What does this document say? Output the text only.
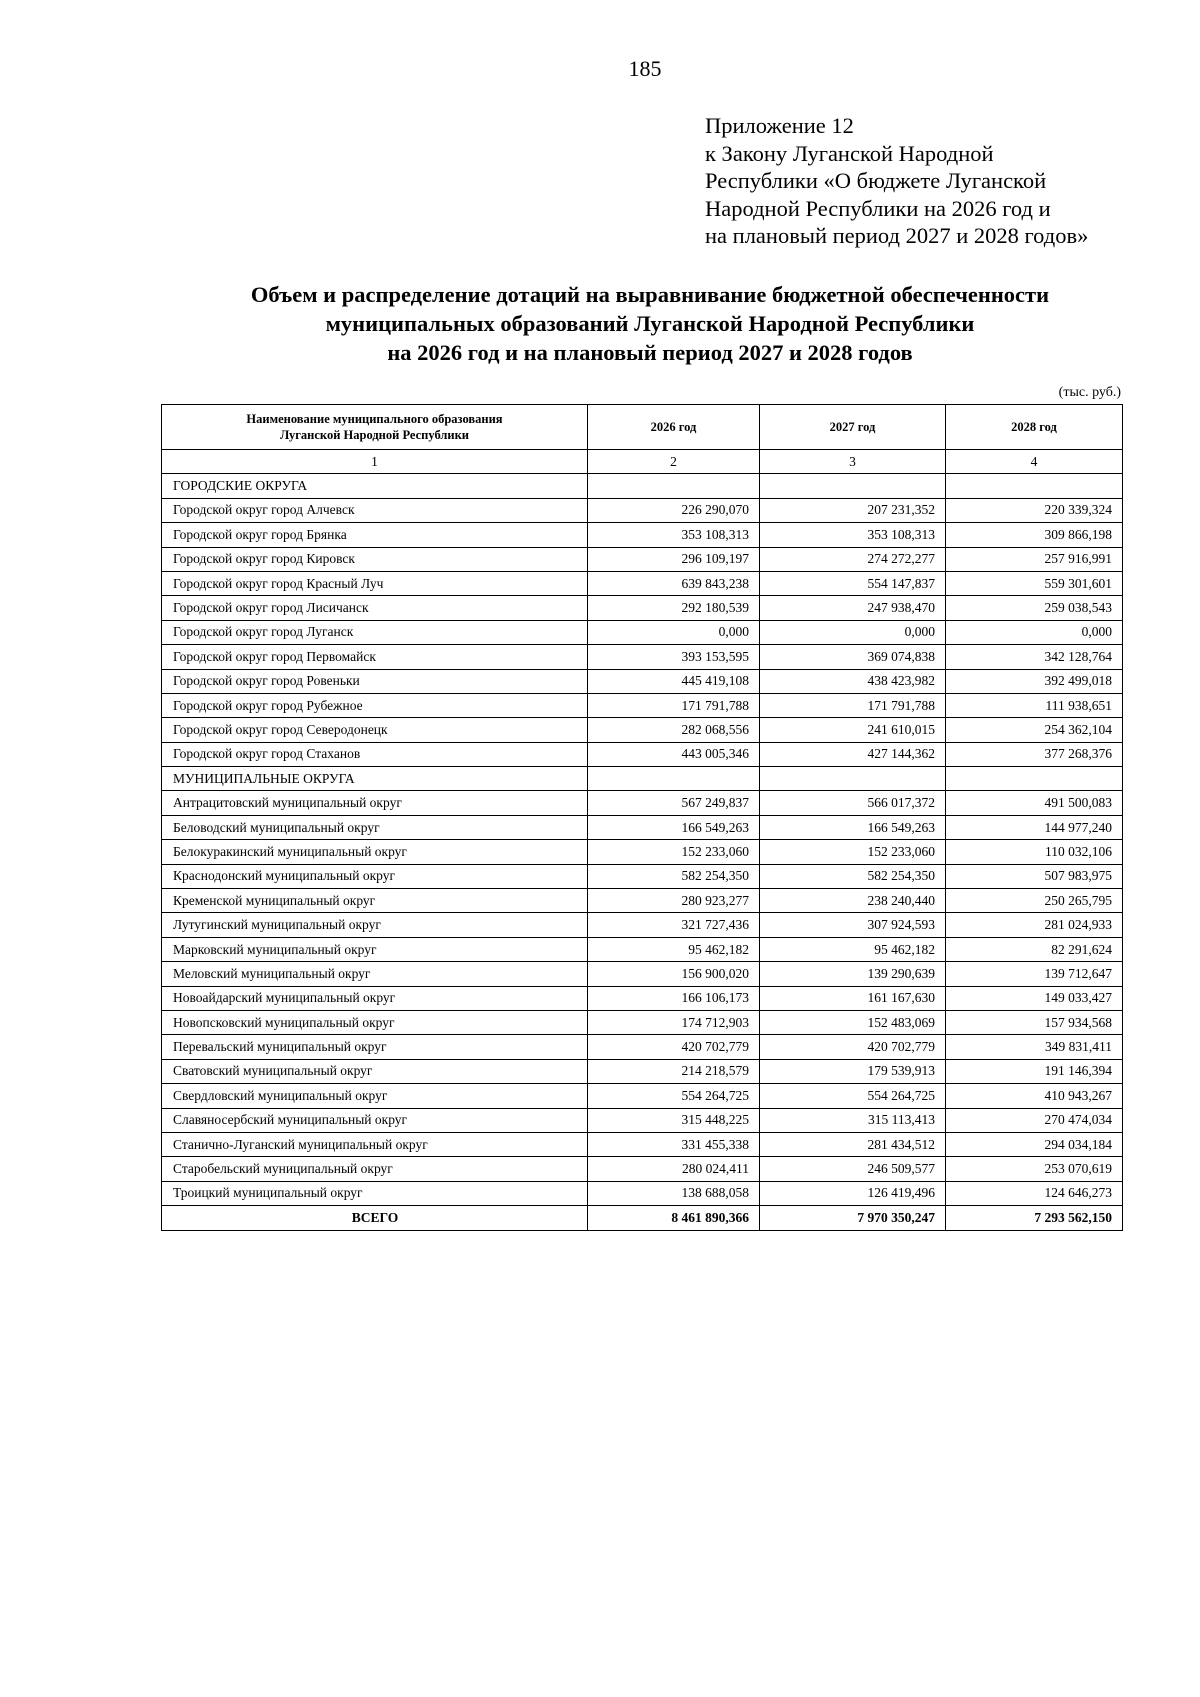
185
Приложение 12
к Закону Луганской Народной
Республики «О бюджете Луганской
Народной Республики на 2026 год и
на плановый период 2027 и 2028 годов»
Объем и распределение дотаций на выравнивание бюджетной обеспеченности
муниципальных образований Луганской Народной Республики
на 2026 год и на плановый период 2027 и 2028 годов
(тыс. руб.)
Наименование муниципального образования
Луганской Народной Республики	2026 год	2027 год	2028 год
1	2	3	4
ГОРОДСКИЕ ОКРУГА			
Городской округ город Алчевск	226 290,070	207 231,352	220 339,324
Городской округ город Брянка	353 108,313	353 108,313	309 866,198
Городской округ город Кировск	296 109,197	274 272,277	257 916,991
Городской округ город Красный Луч	639 843,238	554 147,837	559 301,601
Городской округ город Лисичанск	292 180,539	247 938,470	259 038,543
Городской округ город Луганск	0,000	0,000	0,000
Городской округ город Первомайск	393 153,595	369 074,838	342 128,764
Городской округ город Ровеньки	445 419,108	438 423,982	392 499,018
Городской округ город Рубежное	171 791,788	171 791,788	111 938,651
Городской округ город Северодонецк	282 068,556	241 610,015	254 362,104
Городской округ город Стаханов	443 005,346	427 144,362	377 268,376
МУНИЦИПАЛЬНЫЕ ОКРУГА			
Антрацитовский муниципальный округ	567 249,837	566 017,372	491 500,083
Беловодский муниципальный округ	166 549,263	166 549,263	144 977,240
Белокуракинский муниципальный округ	152 233,060	152 233,060	110 032,106
Краснодонский муниципальный округ	582 254,350	582 254,350	507 983,975
Кременской муниципальный округ	280 923,277	238 240,440	250 265,795
Лутугинский муниципальный округ	321 727,436	307 924,593	281 024,933
Марковский муниципальный округ	95 462,182	95 462,182	82 291,624
Меловский муниципальный округ	156 900,020	139 290,639	139 712,647
Новоайдарский муниципальный округ	166 106,173	161 167,630	149 033,427
Новопсковский муниципальный округ	174 712,903	152 483,069	157 934,568
Перевальский муниципальный округ	420 702,779	420 702,779	349 831,411
Сватовский муниципальный округ	214 218,579	179 539,913	191 146,394
Свердловский муниципальный округ	554 264,725	554 264,725	410 943,267
Славяносербский муниципальный округ	315 448,225	315 113,413	270 474,034
Станично-Луганский муниципальный округ	331 455,338	281 434,512	294 034,184
Старобельский муниципальный округ	280 024,411	246 509,577	253 070,619
Троицкий муниципальный округ	138 688,058	126 419,496	124 646,273
ВСЕГО	8 461 890,366	7 970 350,247	7 293 562,150
